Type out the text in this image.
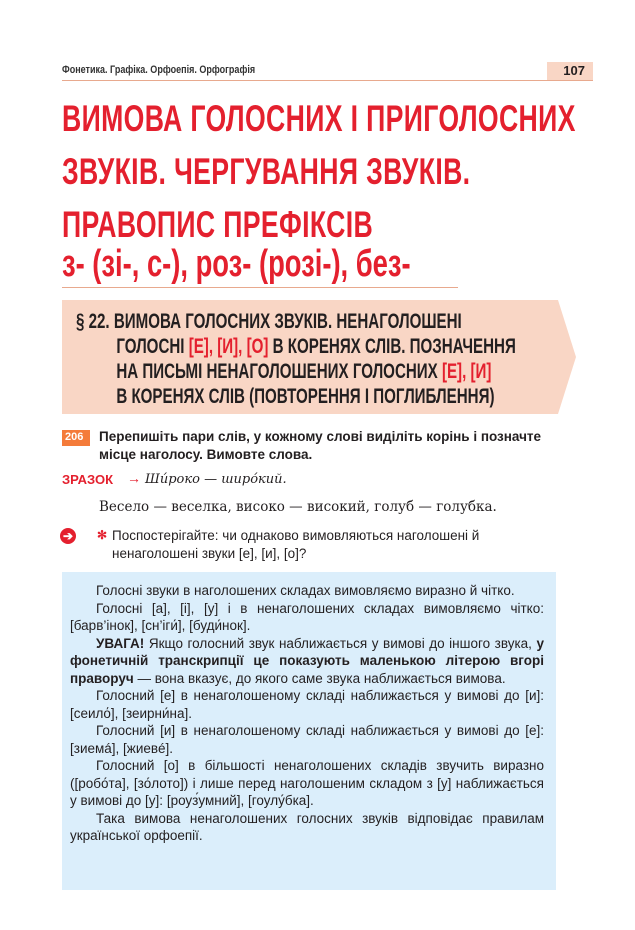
Фонетика. Графіка. Орфоепія. Орфографія	107
ВИМОВА ГОЛОСНИХ І ПРИГОЛОСНИХ
ЗВУКІВ. ЧЕРГУВАННЯ ЗВУКІВ.
ПРАВОПИС ПРЕФІКСІВ
з- (зі-, с-), роз- (розі-), без-
§ 22. ВИМОВА ГОЛОСНИХ ЗВУКІВ. НЕНАГОЛОШЕНІ
ГОЛОСНІ [Е], [И], [О] В КОРЕНЯХ СЛІВ. ПОЗНАЧЕННЯ
НА ПИСЬМІ НЕНАГОЛОШЕНИХ ГОЛОСНИХ [Е], [И]
В КОРЕНЯХ СЛІВ (ПОВТОРЕННЯ І ПОГЛИБЛЕННЯ)
206 Перепишіть пари слів, у кожному слові виділіть корінь і позначте місце наголосу. Вимовте слова.
ЗРАЗОК → Ши́роко — широ́кий.
Весело — веселка, високо — високий, голуб — голубка.
➔ ✻ Поспостерігайте: чи однаково вимовляються наголошені й ненаголошені звуки [е], [и], [о]?

Голосні звуки в наголошених складах вимовляємо виразно й чітко.

Голосні [а], [і], [у] і в ненаголошених складах вимовляємо чітко: [барв’інок], [сн’іги́], [буди́нок].

УВАГА! Якщо голосний звук наближається у вимові до іншого звука, у фонетичній транскрипції це показують маленькою літерою вгорі праворуч — вона вказує, до якого саме звука наближається вимова.

Голосний [е] в ненаголошеному складі наближається у вимові до [и]: [сеилό], [зеирни́на].

Голосний [и] в ненаголошеному складі наближається у вимові до [е]: [зиемá], [жиевé].

Голосний [о] в більшості ненаголошених складів звучить виразно ([робо́та], [зо́лото]) і лише перед наголошеним складом з [у] наближається у вимові до [у]: [роуз́умний], [гоулу́бка].

Така вимова ненаголошених голосних звуків відповідає правилам української орфоепії.
